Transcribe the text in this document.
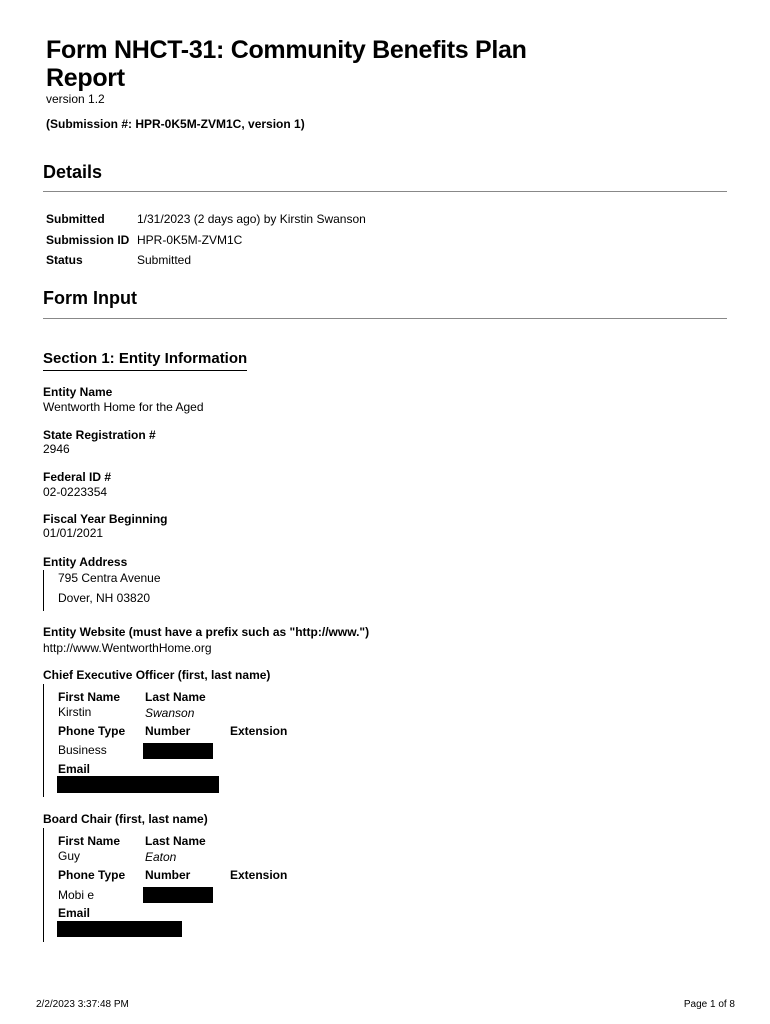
Form NHCT-31: Community Benefits Plan Report
version 1.2
(Submission #: HPR-0K5M-ZVM1C, version 1)
Details
Submitted	1/31/2023 (2 days ago) by Kirstin Swanson
Submission ID HPR-0K5M-ZVM1C
Status	Submitted
Form Input
Section 1: Entity Information
Entity Name
Wentworth Home for the Aged
State Registration #
2946
Federal ID #
02-0223354
Fiscal Year Beginning
01/01/2021
Entity Address
795 Centra Avenue
Dover, NH 03820
Entity Website (must have a prefix such as "http://www.")
http://www.WentworthHome.org
Chief Executive Officer (first, last name)
First Name Last Name
Kirstin	Swanson
Phone Type Number	Extension
Business
Email
Board Chair (first, last name)
First Name Last Name
Guy	Eaton
Phone Type Number	Extension
Mobi e
Email
2/2/2023 3:37:48 PM	Page 1 of 8
